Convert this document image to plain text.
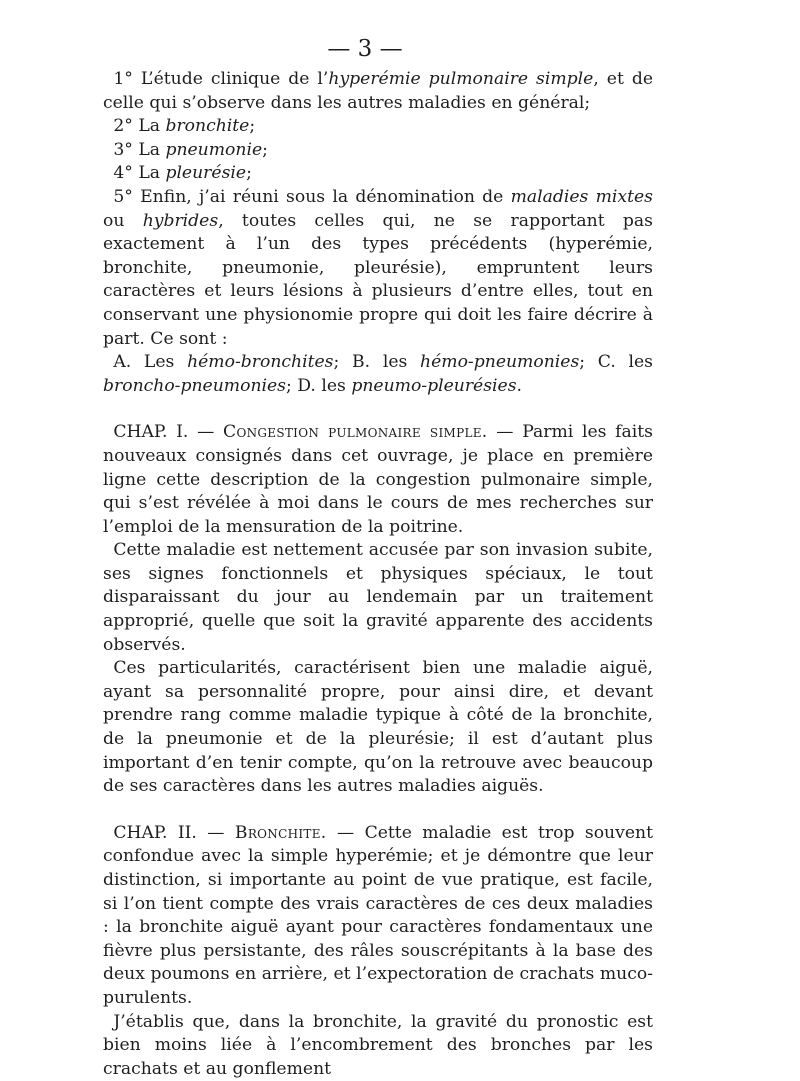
— 3 —

1° L’étude clinique de l’hyperémie pulmonaire simple, et de celle qui s’observe dans les autres maladies en général;

2° La bronchite;

3° La pneumonie;

4° La pleurésie;

5° Enfin, j’ai réuni sous la dénomination de maladies mixtes ou hybrides, toutes celles qui, ne se rapportant pas exactement à l’un des types précédents (hyperémie, bronchite, pneumonie, pleurésie), empruntent leurs caractères et leurs lésions à plusieurs d’entre elles, tout en conservant une physionomie propre qui doit les faire décrire à part. Ce sont :

A. Les hémo-bronchites; B. les hémo-pneumonies; C. les broncho-pneumonies; D. les pneumo-pleurésies.

CHAP. I. — Congestion pulmonaire simple. — Parmi les faits nouveaux consignés dans cet ouvrage, je place en première ligne cette description de la congestion pulmonaire simple, qui s’est révélée à moi dans le cours de mes recherches sur l’emploi de la mensuration de la poitrine.

Cette maladie est nettement accusée par son invasion subite, ses signes fonctionnels et physiques spéciaux, le tout disparaissant du jour au lendemain par un traitement approprié, quelle que soit la gravité apparente des accidents observés.

Ces particularités, caractérisent bien une maladie aiguë, ayant sa personnalité propre, pour ainsi dire, et devant prendre rang comme maladie typique à côté de la bronchite, de la pneumonie et de la pleurésie; il est d’autant plus important d’en tenir compte, qu’on la retrouve avec beaucoup de ses caractères dans les autres maladies aiguës.

CHAP. II. — Bronchite. — Cette maladie est trop souvent confondue avec la simple hyperémie; et je démontre que leur distinction, si importante au point de vue pratique, est facile, si l’on tient compte des vrais caractères de ces deux maladies : la bronchite aiguë ayant pour caractères fondamentaux une fièvre plus persistante, des râles souscrépitants à la base des deux poumons en arrière, et l’expectoration de crachats muco-purulents.

J’établis que, dans la bronchite, la gravité du pronostic est bien moins liée à l’encombrement des bronches par les crachats et au gonflement
